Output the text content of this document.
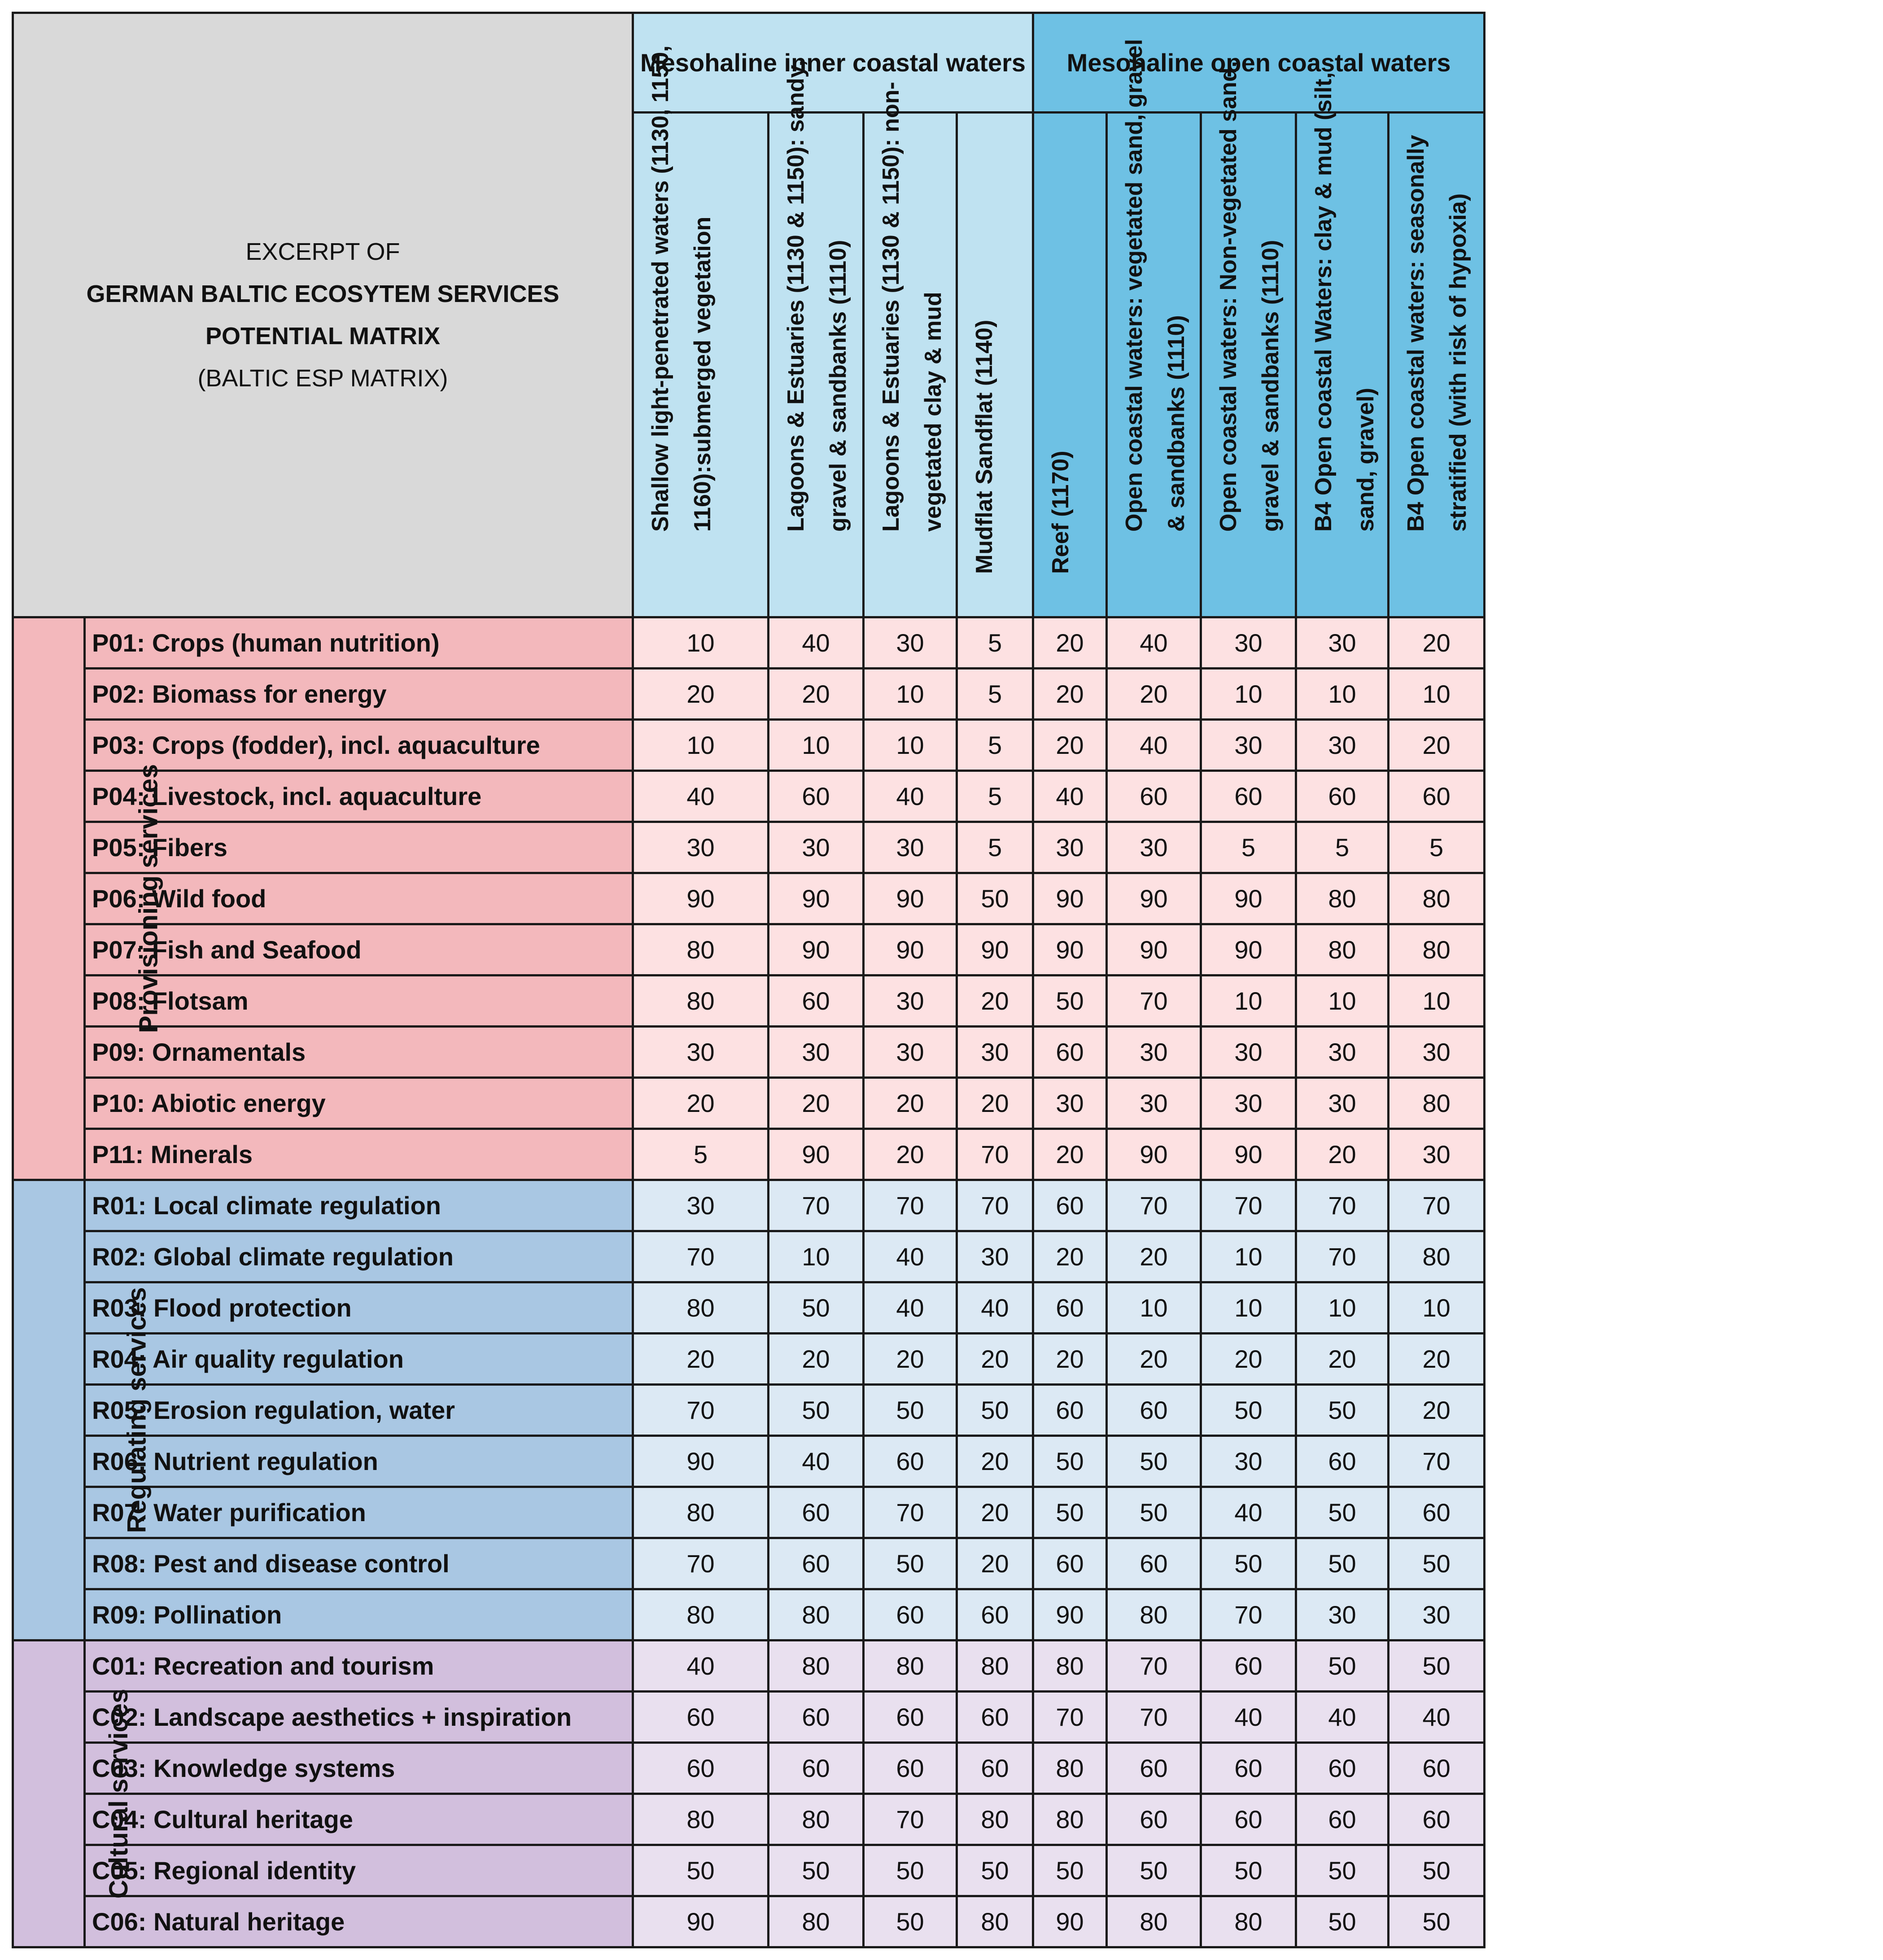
EXCERPT OF
GERMAN BALTIC ECOSYTEM SERVICES
POTENTIAL MATRIX
(BALTIC ESP MATRIX)		Mesohaline inner coastal waters				Mesohaline open coastal waters				

		Shallow light-penetrated waters (1130, 1150, 1160):submerged vegetation	Lagoons & Estuaries (1130 & 1150): sandy, gravel & sandbanks (1110)	Lagoons & Estuaries (1130 & 1150): non-vegetated clay & mud	Mudflat Sandflat (1140)	Reef (1170)	Open coastal waters: vegetated sand, gravel & sandbanks (1110)	Open coastal waters: Non-vegetated sand, gravel & sandbanks (1110)	B4 Open coastal Waters: clay & mud (silt, sand, gravel)	B4 Open coastal waters: seasonally stratified (with risk of hypoxia)

Provisioning services	P01: Crops (human nutrition)	10	40	30	5	20	40	30	30	20
	P02: Biomass for energy	20	20	10	5	20	20	10	10	10
	P03: Crops (fodder), incl. aquaculture	10	10	10	5	20	40	30	30	20
	P04: Livestock, incl. aquaculture	40	60	40	5	40	60	60	60	60
	P05: Fibers	30	30	30	5	30	30	5	5	5
	P06: Wild food	90	90	90	50	90	90	90	80	80
	P07: Fish and Seafood	80	90	90	90	90	90	90	80	80
	P08: Flotsam	80	60	30	20	50	70	10	10	10
	P09: Ornamentals	30	30	30	30	60	30	30	30	30
	P10: Abiotic energy	20	20	20	20	30	30	30	30	80
	P11: Minerals	5	90	20	70	20	90	90	20	30
Regulating services	R01: Local climate regulation	30	70	70	70	60	70	70	70	70
	R02: Global climate regulation	70	10	40	30	20	20	10	70	80
	R03: Flood protection	80	50	40	40	60	10	10	10	10
	R04: Air quality regulation	20	20	20	20	20	20	20	20	20
	R05: Erosion regulation, water	70	50	50	50	60	60	50	50	20
	R06: Nutrient regulation	90	40	60	20	50	50	30	60	70
	R07: Water purification	80	60	70	20	50	50	40	50	60
	R08: Pest and disease control	70	60	50	20	60	60	50	50	50
	R09: Pollination	80	80	60	60	90	80	70	30	30
Cultural services	C01: Recreation and tourism	40	80	80	80	80	70	60	50	50
	C02: Landscape aesthetics + inspiration	60	60	60	60	70	70	40	40	40
	C03: Knowledge systems	60	60	60	60	80	60	60	60	60
	C04: Cultural heritage	80	80	70	80	80	60	60	60	60
	C05: Regional identity	50	50	50	50	50	50	50	50	50
	C06: Natural heritage	90	80	50	80	90	80	80	50	50
